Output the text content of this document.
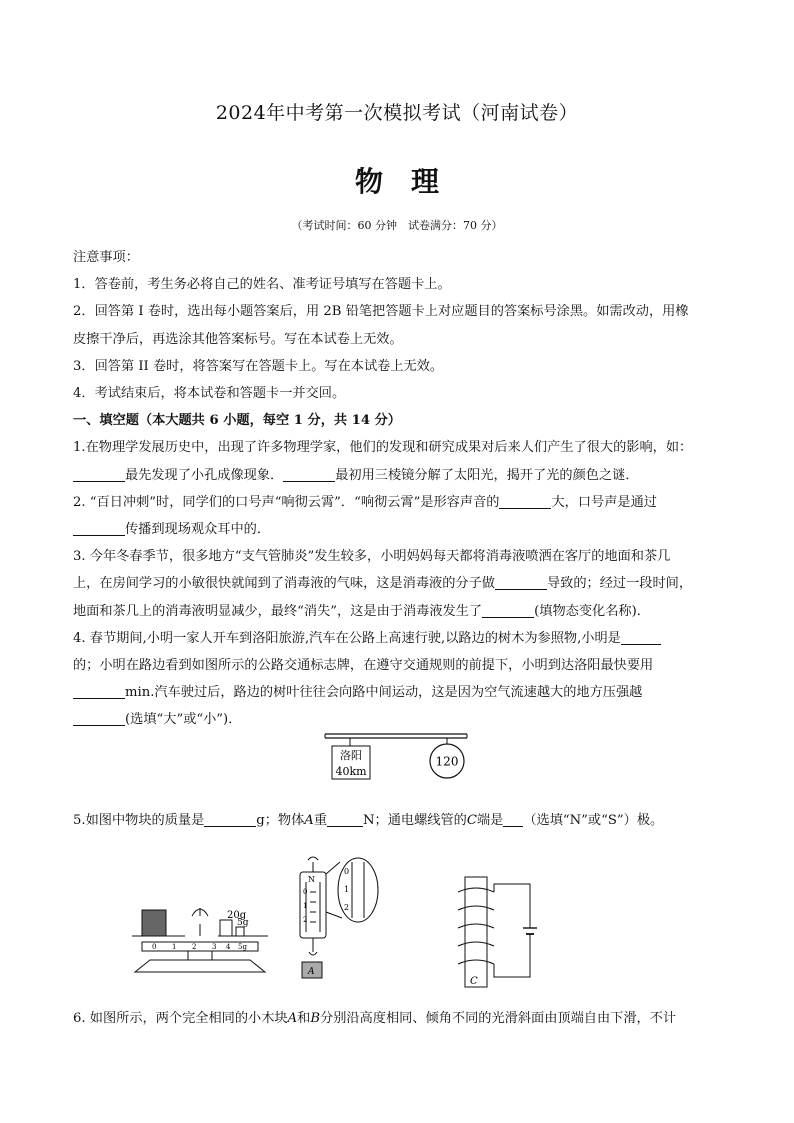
2024年中考第一次模拟考试（河南试卷）
物理
（考试时间：60 分钟　试卷满分：70 分）

注意事项：

1．答卷前，考生务必将自己的姓名、准考证号填写在答题卡上。

2．回答第 I 卷时，选出每小题答案后，用 2B 铅笔把答题卡上对应题目的答案标号涂黑。如需改动，用橡

皮擦干净后，再选涂其他答案标号。写在本试卷上无效。

3．回答第 II 卷时，将答案写在答题卡上。写在本试卷上无效。

4．考试结束后，将本试卷和答题卡一并交回。

一、填空题（本大题共 6 小题，每空 1 分，共 14 分）

1.在物理学发展历史中，出现了许多物理学家，他们的发现和研究成果对后来人们产生了很大的影响，如：

最先发现了小孔成像现象．	最初用三棱镜分解了太阳光，揭开了光的颜色之谜．

2. “百日冲刺”时，同学们的口号声“响彻云霄”．“响彻云霄”是形容声音的	大，口号声是通过

传播到现场观众耳中的．

3. 今年冬春季节，很多地方“支气管肺炎”发生较多，小明妈妈每天都将消毒液喷洒在客厅的地面和茶几

上，在房间学习的小敏很快就闻到了消毒液的气味，这是消毒液的分子做	导致的；经过一段时间，

地面和茶几上的消毒液明显减少，最终“消失”，这是由于消毒液发生了	(填物态变化名称)．

4. 春节期间,小明一家人开车到洛阳旅游,汽车在公路上高速行驶,以路边的树木为参照物,小明是

的；小明在路边看到如图所示的公路交通标志牌，在遵守交通规则的前提下，小明到达洛阳最快要用

min.汽车驶过后，路边的树叶往往会向路中间运动，这是因为空气流速越大的地方压强越

(选填“大”或“小”)．

洛阳
40km
120

5.如图中物块的质量是	g；物体A重	N；通电螺线管的C端是 （选填“N”或“S”）极。

20g
5g
0 1 2 3 4 5g
N
0
1
2
0
1
2
A
C

6. 如图所示，两个完全相同的小木块A和B分别沿高度相同、倾角不同的光滑斜面由顶端自由下滑，不计
